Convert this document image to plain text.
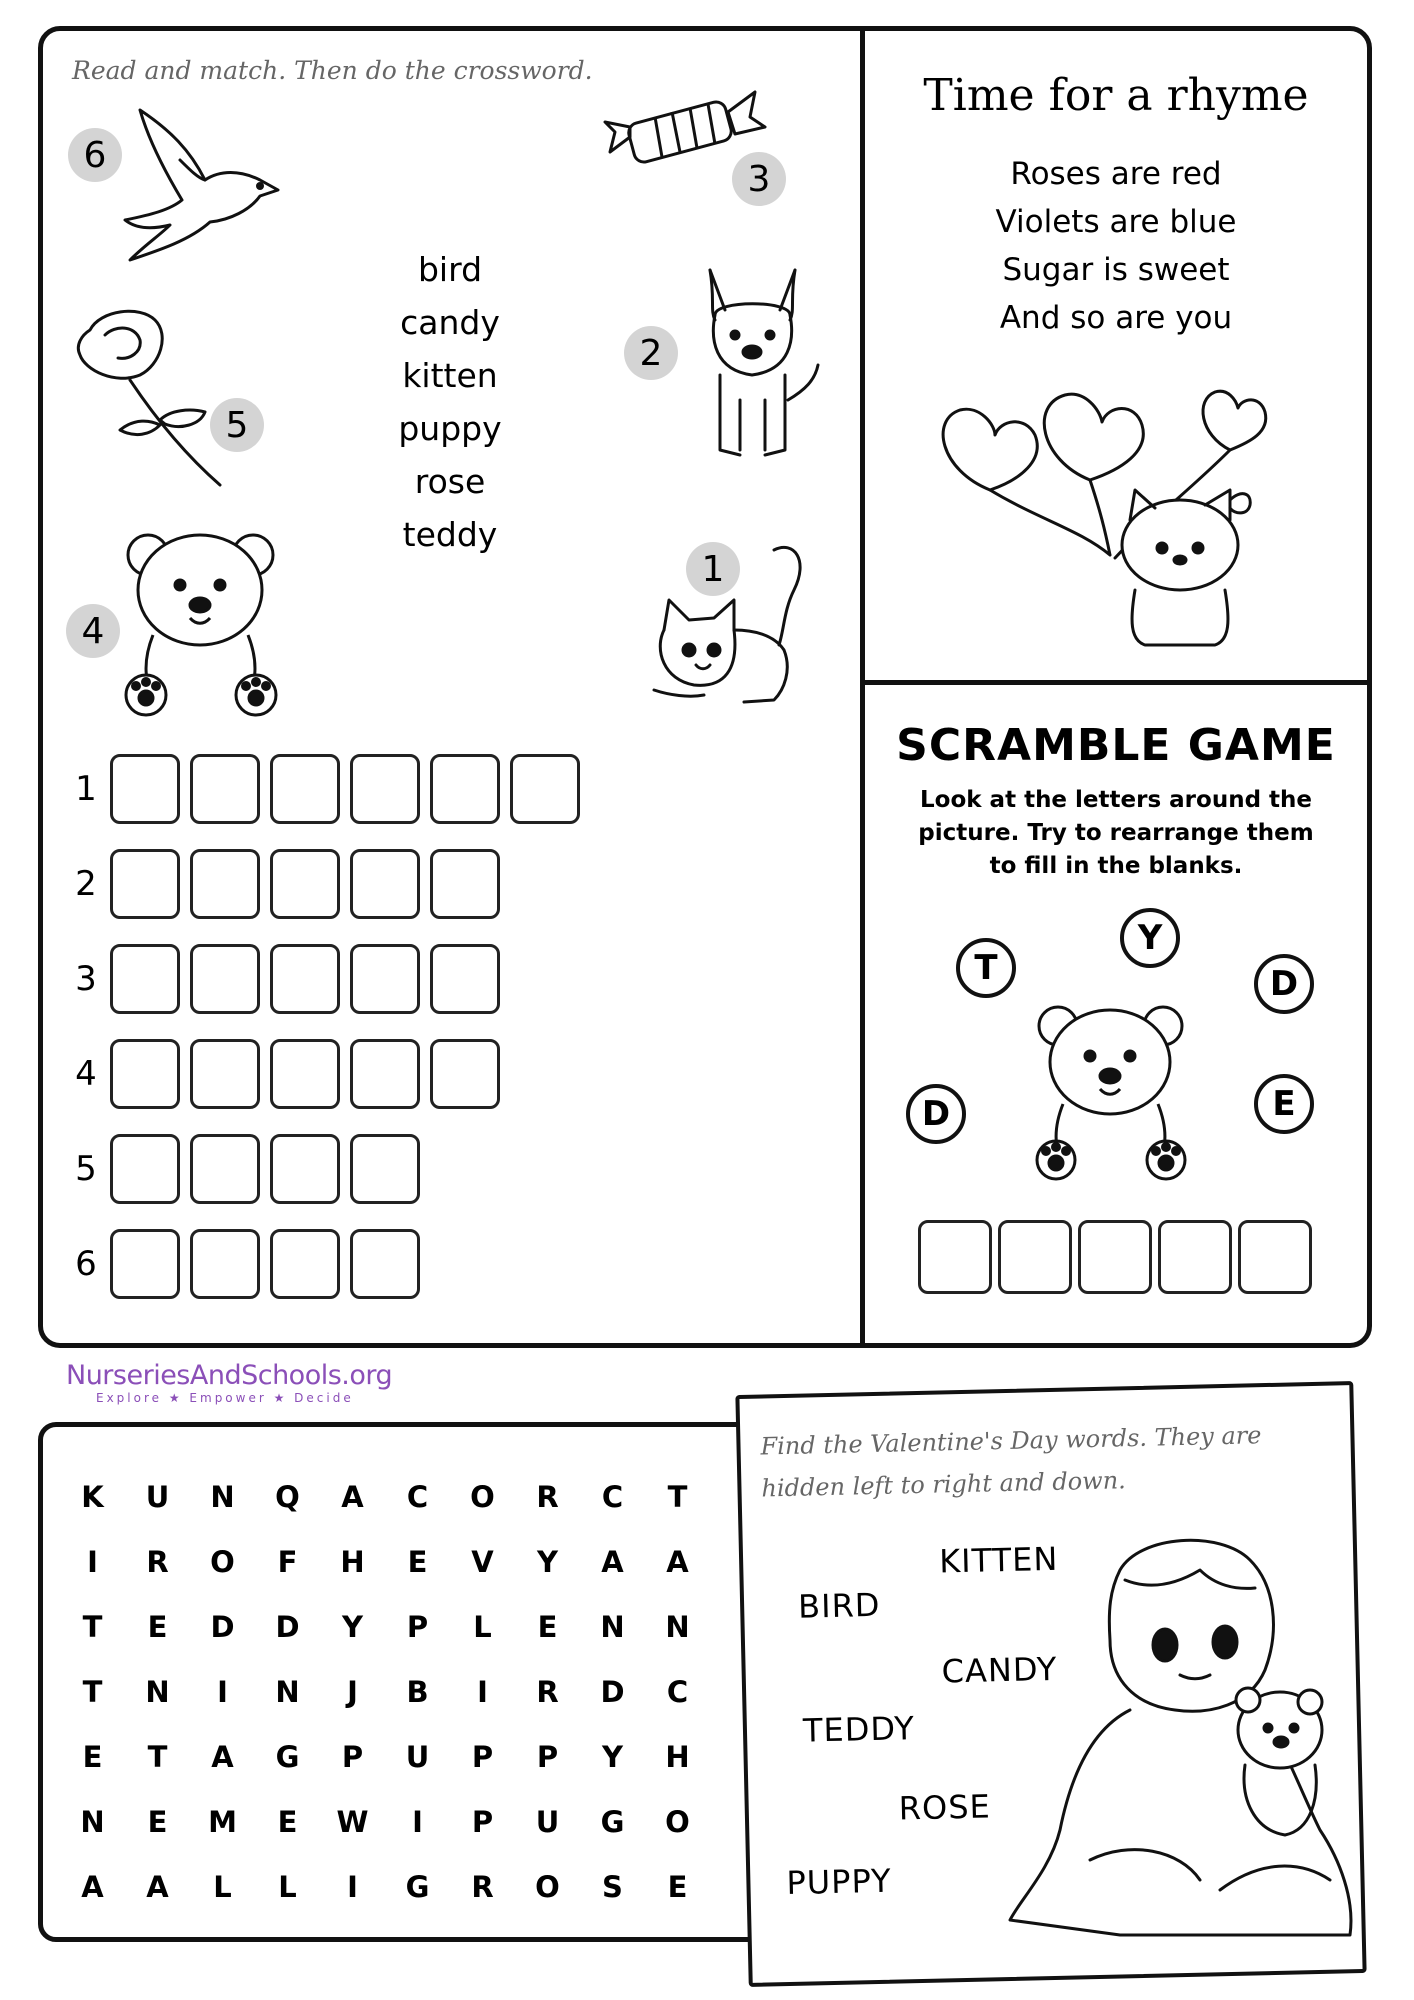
Read and match. Then do the crossword.
bird
candy
kitten
puppy
rose
teddy
1
2
3
4
5
6
1
2
3
4
5
6
Time for a rhyme
Roses are red
Violets are blue
Sugar is sweet
And so are you
SCRAMBLE GAME
Look at the letters around the picture. Try to rearrange them to fill in the blanks.
T
Y
D
D	E
NurseriesAndSchools.org
Explore ★ Empower ★ Decide
K	U	N	Q	A	C	O	R	C	T
I	R	O	F	H	E	V	Y	A	A
T	E	D	D	Y	P	L	E	N	N
T	N	I	N	J	B	I	R	D	C
E	T	A	G	P	U	P	P	Y	H
N	E	M	E	W	I	P	U	G	O
A	A	L	L	I	G	R	O	S	E
Find the Valentine's Day words. They are
hidden left to right and down.
KITTEN
BIRD
CANDY
TEDDY
ROSE
PUPPY
